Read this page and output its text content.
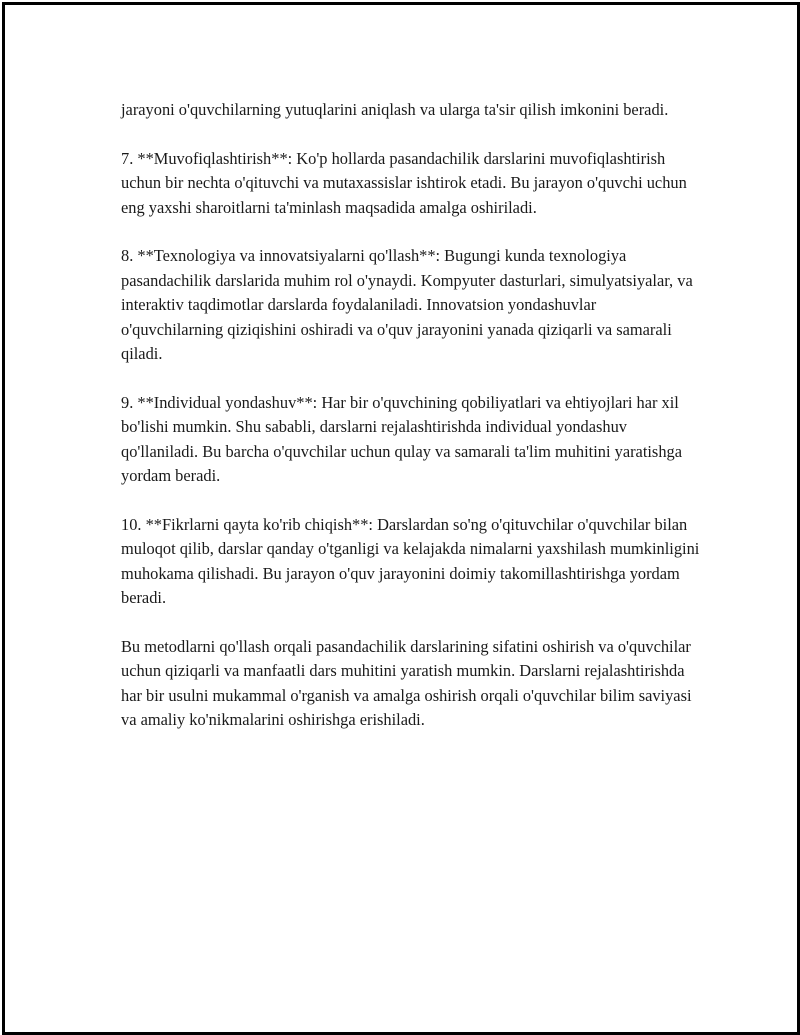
jarayoni o'quvchilarning yutuqlarini aniqlash va ularga ta'sir qilish imkonini beradi.

7. **Muvofiqlashtirish**: Ko'p hollarda pasandachilik darslarini muvofiqlashtirish uchun bir nechta o'qituvchi va mutaxassislar ishtirok etadi. Bu jarayon o'quvchi uchun eng yaxshi sharoitlarni ta'minlash maqsadida amalga oshiriladi.

8. **Texnologiya va innovatsiyalarni qo'llash**: Bugungi kunda texnologiya pasandachilik darslarida muhim rol o'ynaydi. Kompyuter dasturlari, simulyatsiyalar, va interaktiv taqdimotlar darslarda foydalaniladi. Innovatsion yondashuvlar o'quvchilarning qiziqishini oshiradi va o'quv jarayonini yanada qiziqarli va samarali qiladi.

9. **Individual yondashuv**: Har bir o'quvchining qobiliyatlari va ehtiyojlari har xil bo'lishi mumkin. Shu sababli, darslarni rejalashtirishda individual yondashuv qo'llaniladi. Bu barcha o'quvchilar uchun qulay va samarali ta'lim muhitini yaratishga yordam beradi.

10. **Fikrlarni qayta ko'rib chiqish**: Darslardan so'ng o'qituvchilar o'quvchilar bilan muloqot qilib, darslar qanday o'tganligi va kelajakda nimalarni yaxshilash mumkinligini muhokama qilishadi. Bu jarayon o'quv jarayonini doimiy takomillashtirishga yordam beradi.

Bu metodlarni qo'llash orqali pasandachilik darslarining sifatini oshirish va o'quvchilar uchun qiziqarli va manfaatli dars muhitini yaratish mumkin. Darslarni rejalashtirishda har bir usulni mukammal o'rganish va amalga oshirish orqali o'quvchilar bilim saviyasi va amaliy ko'nikmalarini oshirishga erishiladi.
